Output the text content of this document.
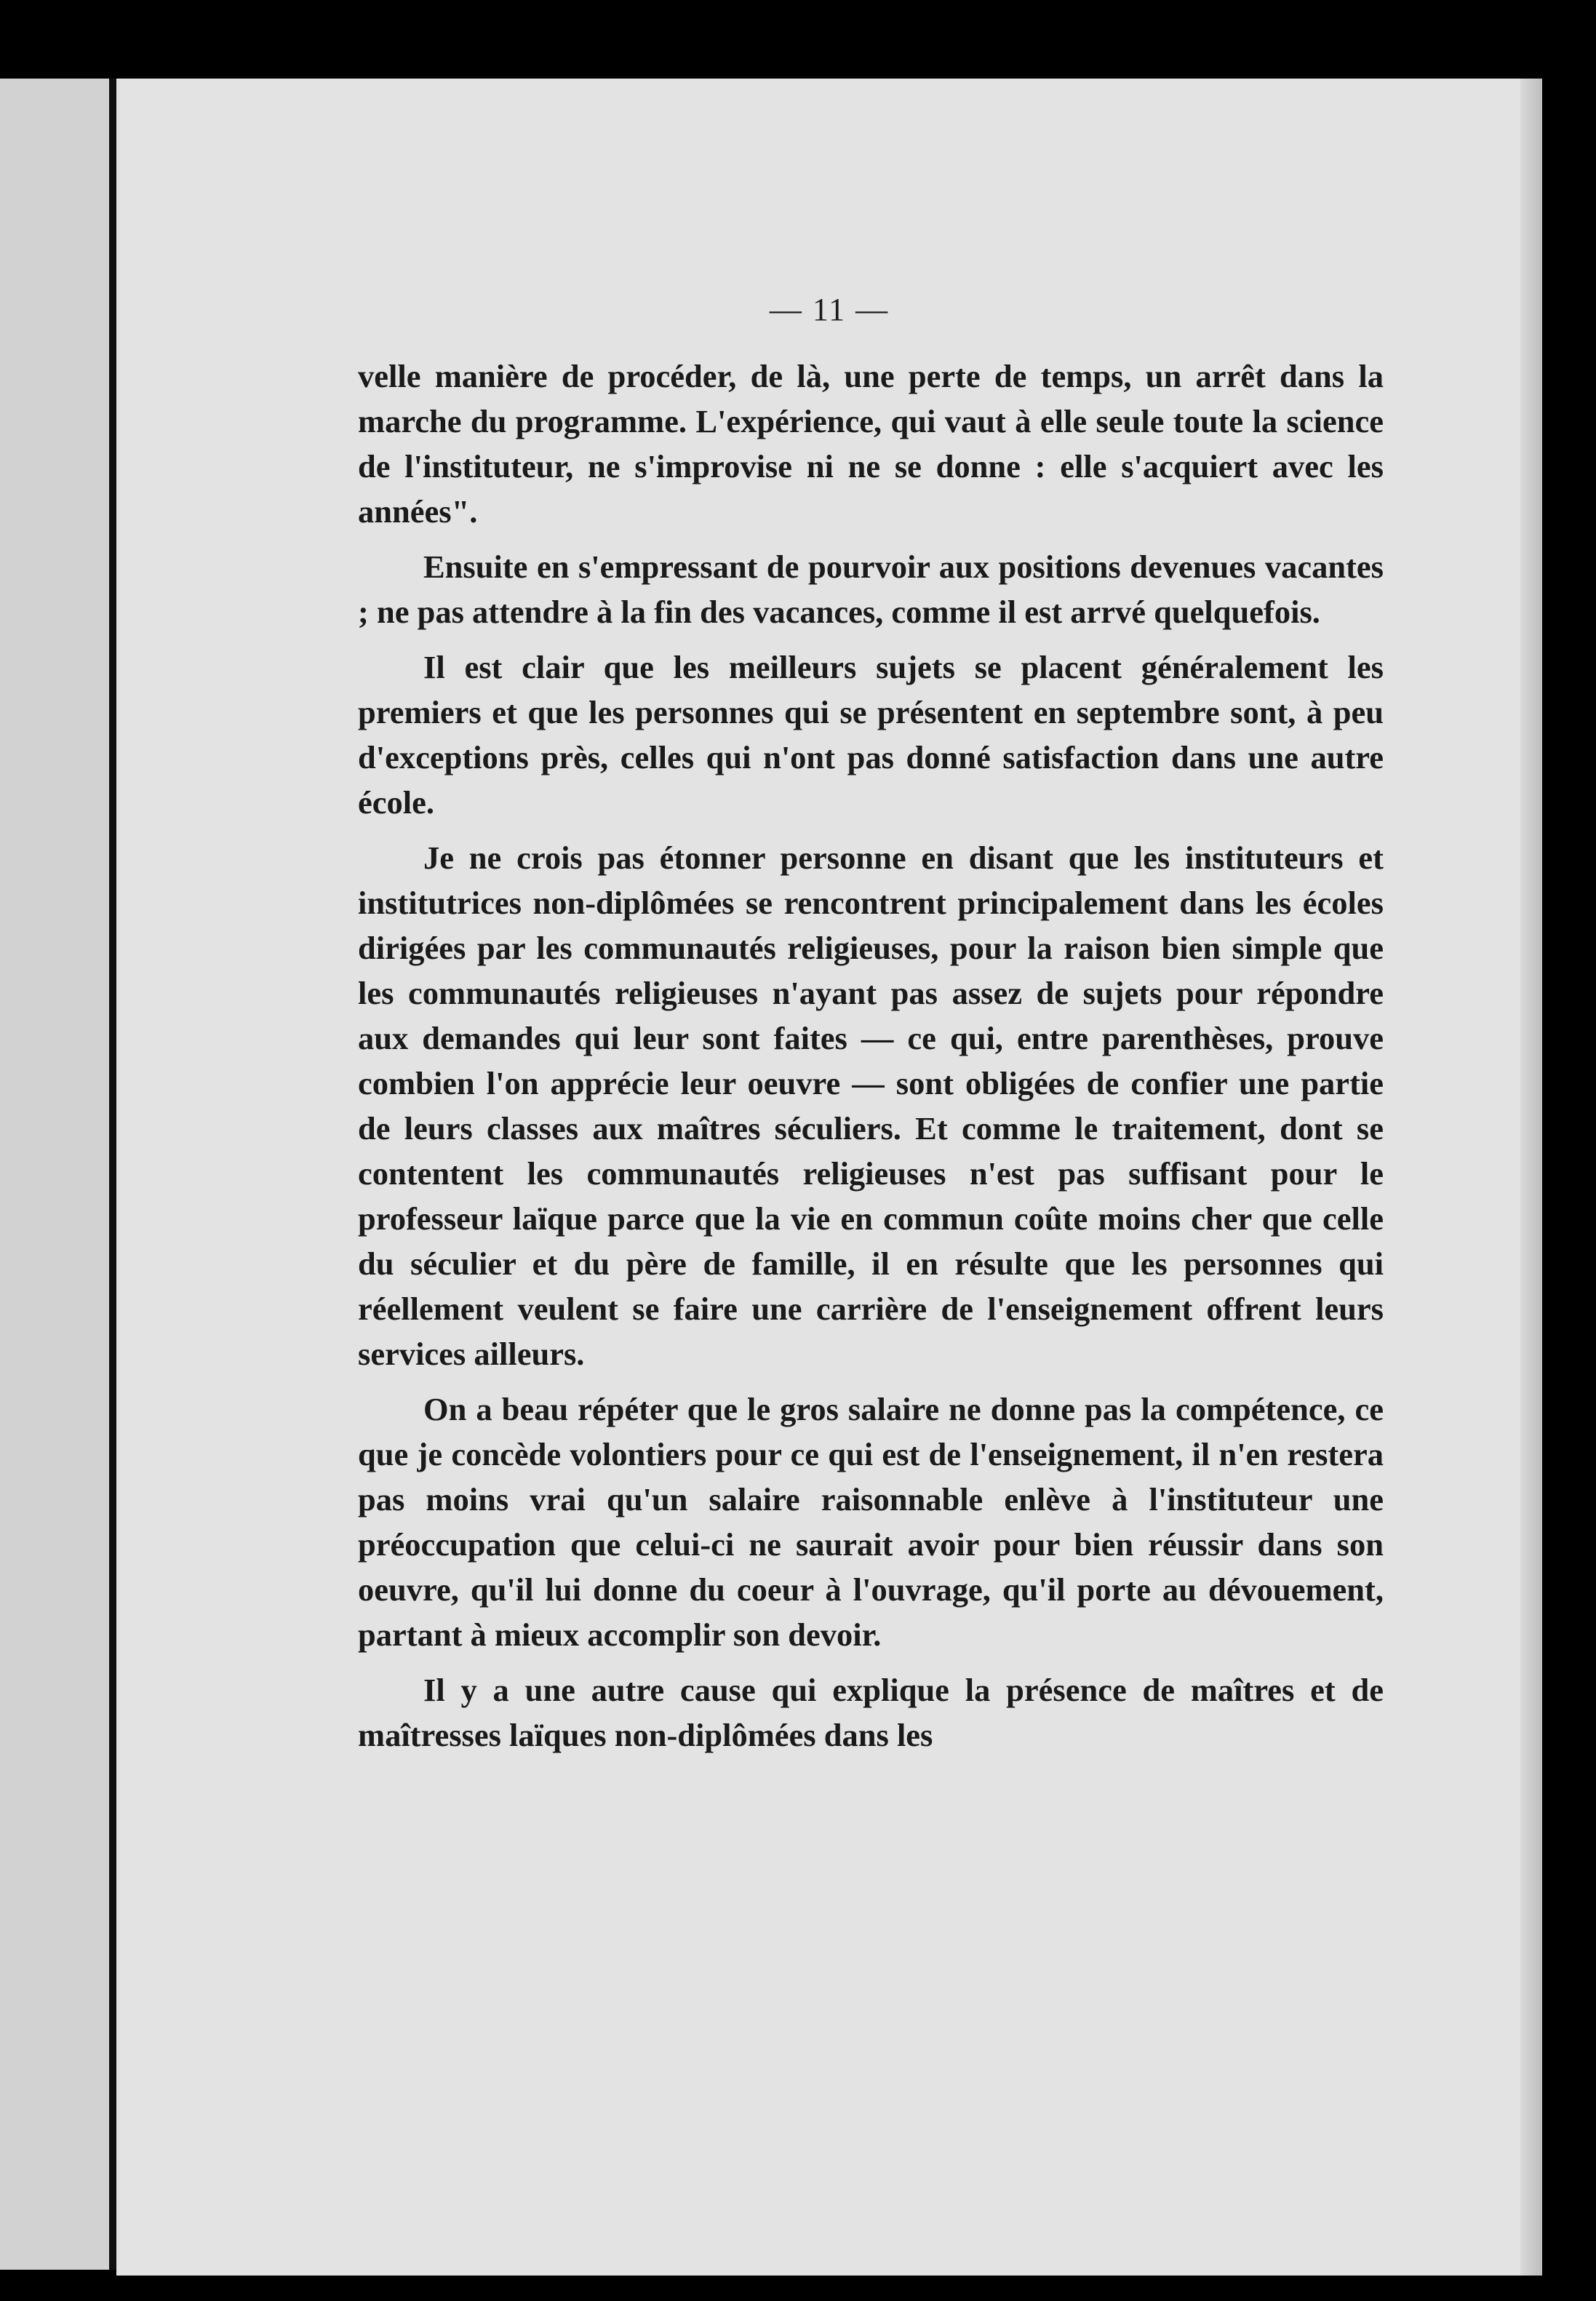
— 11 —

velle manière de procéder, de là, une perte de temps, un arrêt dans la marche du programme. L'expérience, qui vaut à elle seule toute la science de l'instituteur, ne s'improvise ni ne se donne : elle s'acquiert avec les années".

Ensuite en s'empressant de pourvoir aux positions devenues vacantes ; ne pas attendre à la fin des vacances, comme il est arrvé quelquefois.

Il est clair que les meilleurs sujets se placent généralement les premiers et que les personnes qui se présentent en septembre sont, à peu d'exceptions près, celles qui n'ont pas donné satisfaction dans une autre école.

Je ne crois pas étonner personne en disant que les instituteurs et institutrices non-diplômées se rencontrent principalement dans les écoles dirigées par les communautés religieuses, pour la raison bien simple que les communautés religieuses n'ayant pas assez de sujets pour répondre aux demandes qui leur sont faites — ce qui, entre parenthèses, prouve combien l'on apprécie leur oeuvre — sont obligées de confier une partie de leurs classes aux maîtres séculiers. Et comme le traitement, dont se contentent les communautés religieuses n'est pas suffisant pour le professeur laïque parce que la vie en commun coûte moins cher que celle du séculier et du père de famille, il en résulte que les personnes qui réellement veulent se faire une carrière de l'enseignement offrent leurs services ailleurs.

On a beau répéter que le gros salaire ne donne pas la compétence, ce que je concède volontiers pour ce qui est de l'enseignement, il n'en restera pas moins vrai qu'un salaire raisonnable enlève à l'instituteur une préoccupation que celui-ci ne saurait avoir pour bien réussir dans son oeuvre, qu'il lui donne du coeur à l'ouvrage, qu'il porte au dévouement, partant à mieux accomplir son devoir.

Il y a une autre cause qui explique la présence de maîtres et de maîtresses laïques non-diplômées dans les
